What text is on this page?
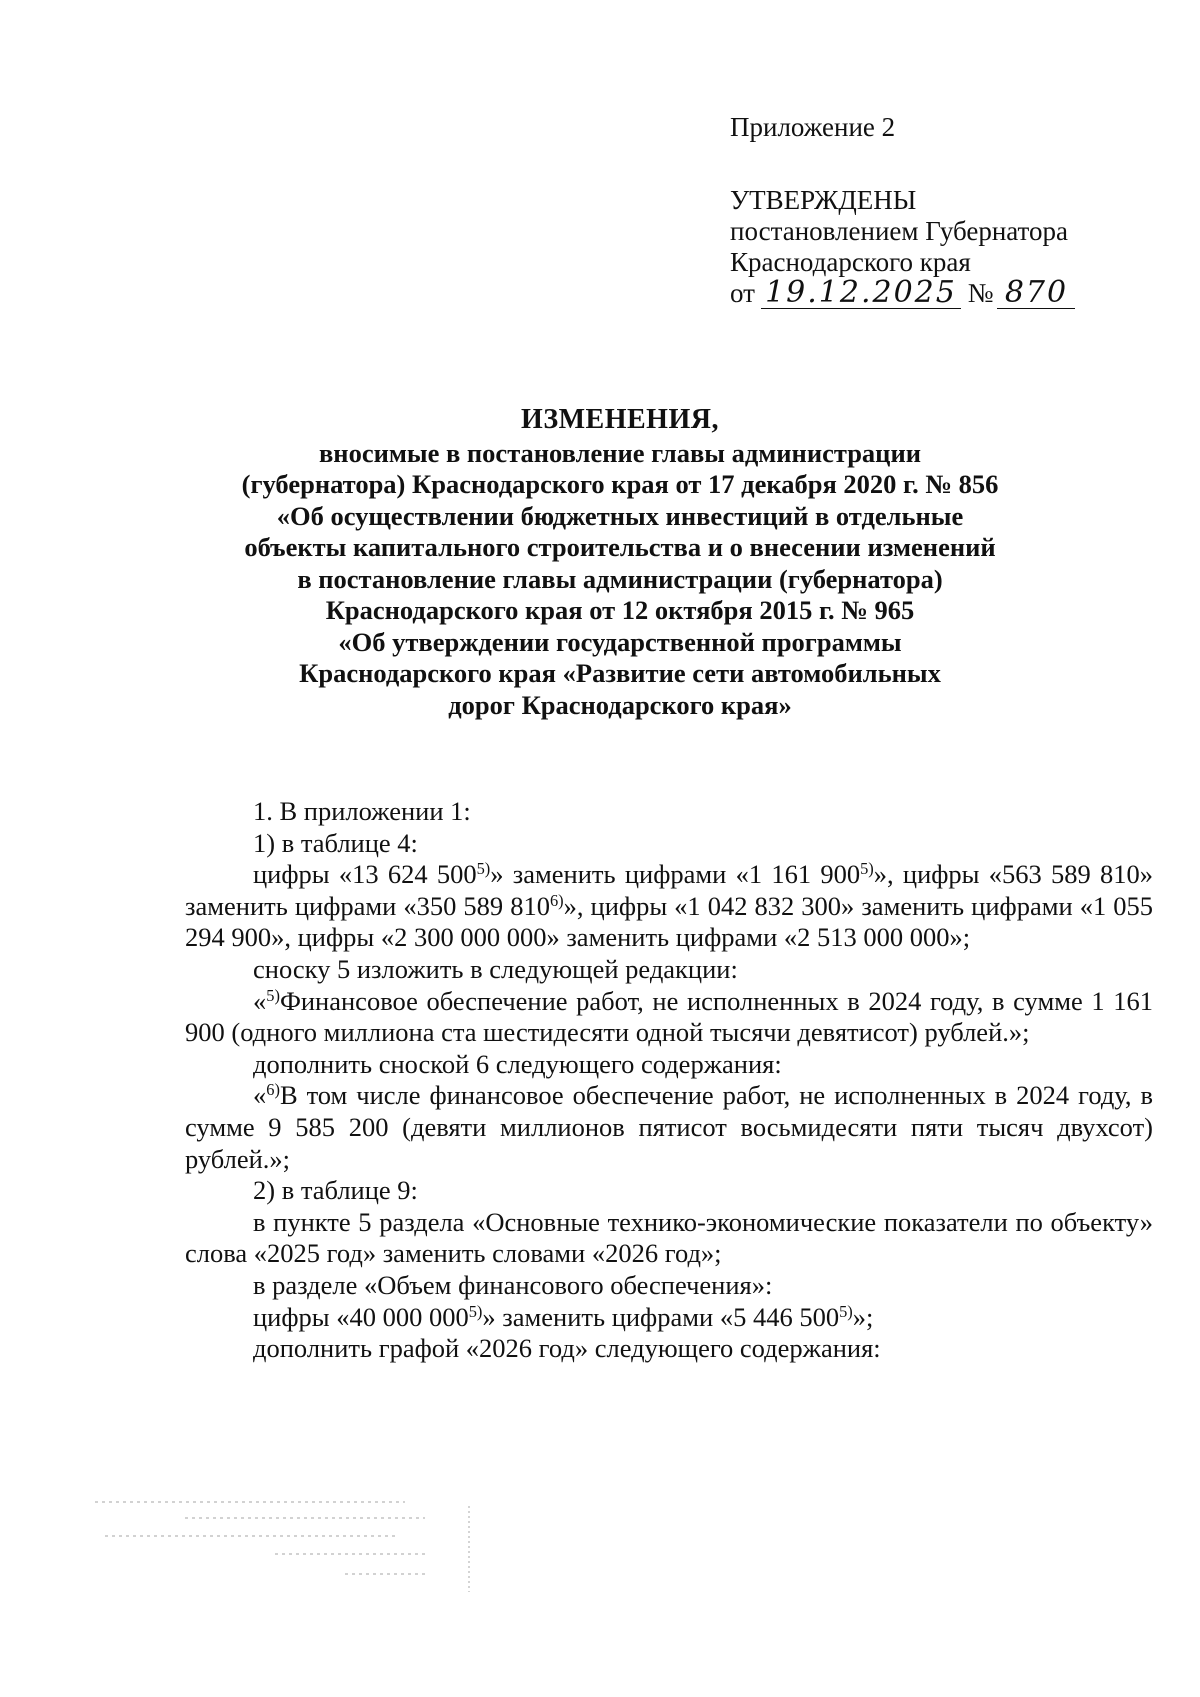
Приложение 2
УТВЕРЖДЕНЫ
постановлением Губернатора
Краснодарского края
от 19.12.2025 № 870
ИЗМЕНЕНИЯ,
вносимые в постановление главы администрации
(губернатора) Краснодарского края от 17 декабря 2020 г. № 856
«Об осуществлении бюджетных инвестиций в отдельные
объекты капитального строительства и о внесении изменений
в постановление главы администрации (губернатора)
Краснодарского края от 12 октября 2015 г. № 965
«Об утверждении государственной программы
Краснодарского края «Развитие сети автомобильных
дорог Краснодарского края»

1. В приложении 1:

1) в таблице 4:

цифры «13 624 500$^{5)}$» заменить цифрами «1 161 900$^{5)}$», цифры «563 589 810» заменить цифрами «350 589 810$^{6)}$», цифры «1 042 832 300» заменить цифрами «1 055 294 900», цифры «2 300 000 000» заменить цифрами «2 513 000 000»;

сноску 5 изложить в следующей редакции:

«$^{5)}$Финансовое обеспечение работ, не исполненных в 2024 году, в сумме 1 161 900 (одного миллиона ста шестидесяти одной тысячи девятисот) рублей.»;

дополнить сноской 6 следующего содержания:

«$^{6)}$В том числе финансовое обеспечение работ, не исполненных в 2024 году, в сумме 9 585 200 (девяти миллионов пятисот восьмидесяти пяти тысяч двухсот) рублей.»;

2) в таблице 9:

в пункте 5 раздела «Основные технико-экономические показатели по объекту» слова «2025 год» заменить словами «2026 год»;

в разделе «Объем финансового обеспечения»:

цифры «40 000 000$^{5)}$» заменить цифрами «5 446 500$^{5)}$»;

дополнить графой «2026 год» следующего содержания:
